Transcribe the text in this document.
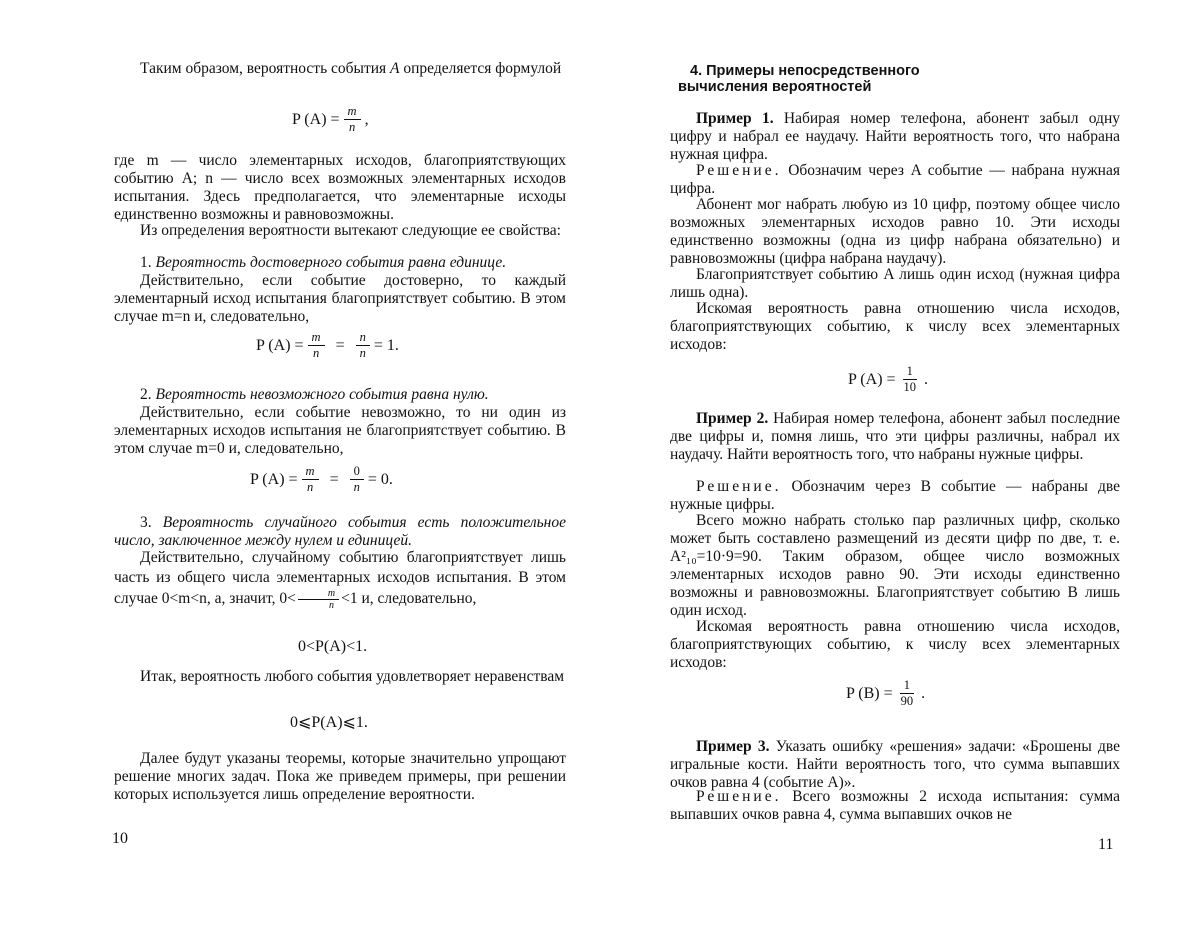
Таким образом, вероятность события A определяется формулой

P $(A) = \frac{m}{n}$ ,

где m — число элементарных исходов, благоприятствующих событию A; n — число всех возможных элементарных исходов испытания. Здесь предполагается, что элементарные исходы единственно возможны и равновозможны.

Из определения вероятности вытекают следующие ее свойства:

1. Вероятность достоверного события равна единице.

Действительно, если событие достоверно, то каждый элементарный исход испытания благоприятствует событию. В этом случае m=n и, следовательно,

P $(A) = \frac{m}{n} = \frac{n}{n} = 1$.

2. Вероятность невозможного события равна нулю.

Действительно, если событие невозможно, то ни один из элементарных исходов испытания не благоприятствует событию. В этом случае m=0 и, следовательно,

P $(A) = \frac{m}{n} = \frac{0}{n} = 0$.

3. Вероятность случайного события есть положительное число, заключенное между нулем и единицей.

Действительно, случайному событию благоприятствует лишь часть из общего числа элементарных исходов испытания. В этом случае 0<m<n, а, значит, $0< \frac{m}{n} <1$ и, следовательно,

0<P(A)<1.

Итак, вероятность любого события удовлетворяет неравенствам

0⩽P(A)⩽1.

Далее будут указаны теоремы, которые значительно упрощают решение многих задач. Пока же приведем примеры, при решении которых используется лишь определение вероятности.

10
4. Примеры непосредственного
вычисления вероятностей

Пример 1. Набирая номер телефона, абонент забыл одну цифру и набрал ее наудачу. Найти вероятность того, что набрана нужная цифра.

Решение. Обозначим через A событие — набрана нужная цифра.

Абонент мог набрать любую из 10 цифр, поэтому общее число возможных элементарных исходов равно 10. Эти исходы единственно возможны (одна из цифр набрана обязательно) и равновозможны (цифра набрана наудачу).

Благоприятствует событию A лишь один исход (нужная цифра лишь одна).

Искомая вероятность равна отношению числа исходов, благоприятствующих событию, к числу всех элементарных исходов:

P $(A) = \frac{1}{10}$ .

Пример 2. Набирая номер телефона, абонент забыл последние две цифры и, помня лишь, что эти цифры различны, набрал их наудачу. Найти вероятность того, что набраны нужные цифры.

Решение. Обозначим через B событие — набраны две нужные цифры.

Всего можно набрать столько пар различных цифр, сколько может быть составлено размещений из десяти цифр по две, т. е. A²₁₀=10·9=90. Таким образом, общее число возможных элементарных исходов равно 90. Эти исходы единственно возможны и равновозможны. Благоприятствует событию B лишь один исход.

Искомая вероятность равна отношению числа исходов, благоприятствующих событию, к числу всех элементарных исходов:

P $(B) = \frac{1}{90}$ .

Пример 3. Указать ошибку «решения» задачи: «Брошены две игральные кости. Найти вероятность того, что сумма выпавших очков равна 4 (событие A)».

Решение. Всего возможны 2 исхода испытания: сумма выпавших очков равна 4, сумма выпавших очков не

11
